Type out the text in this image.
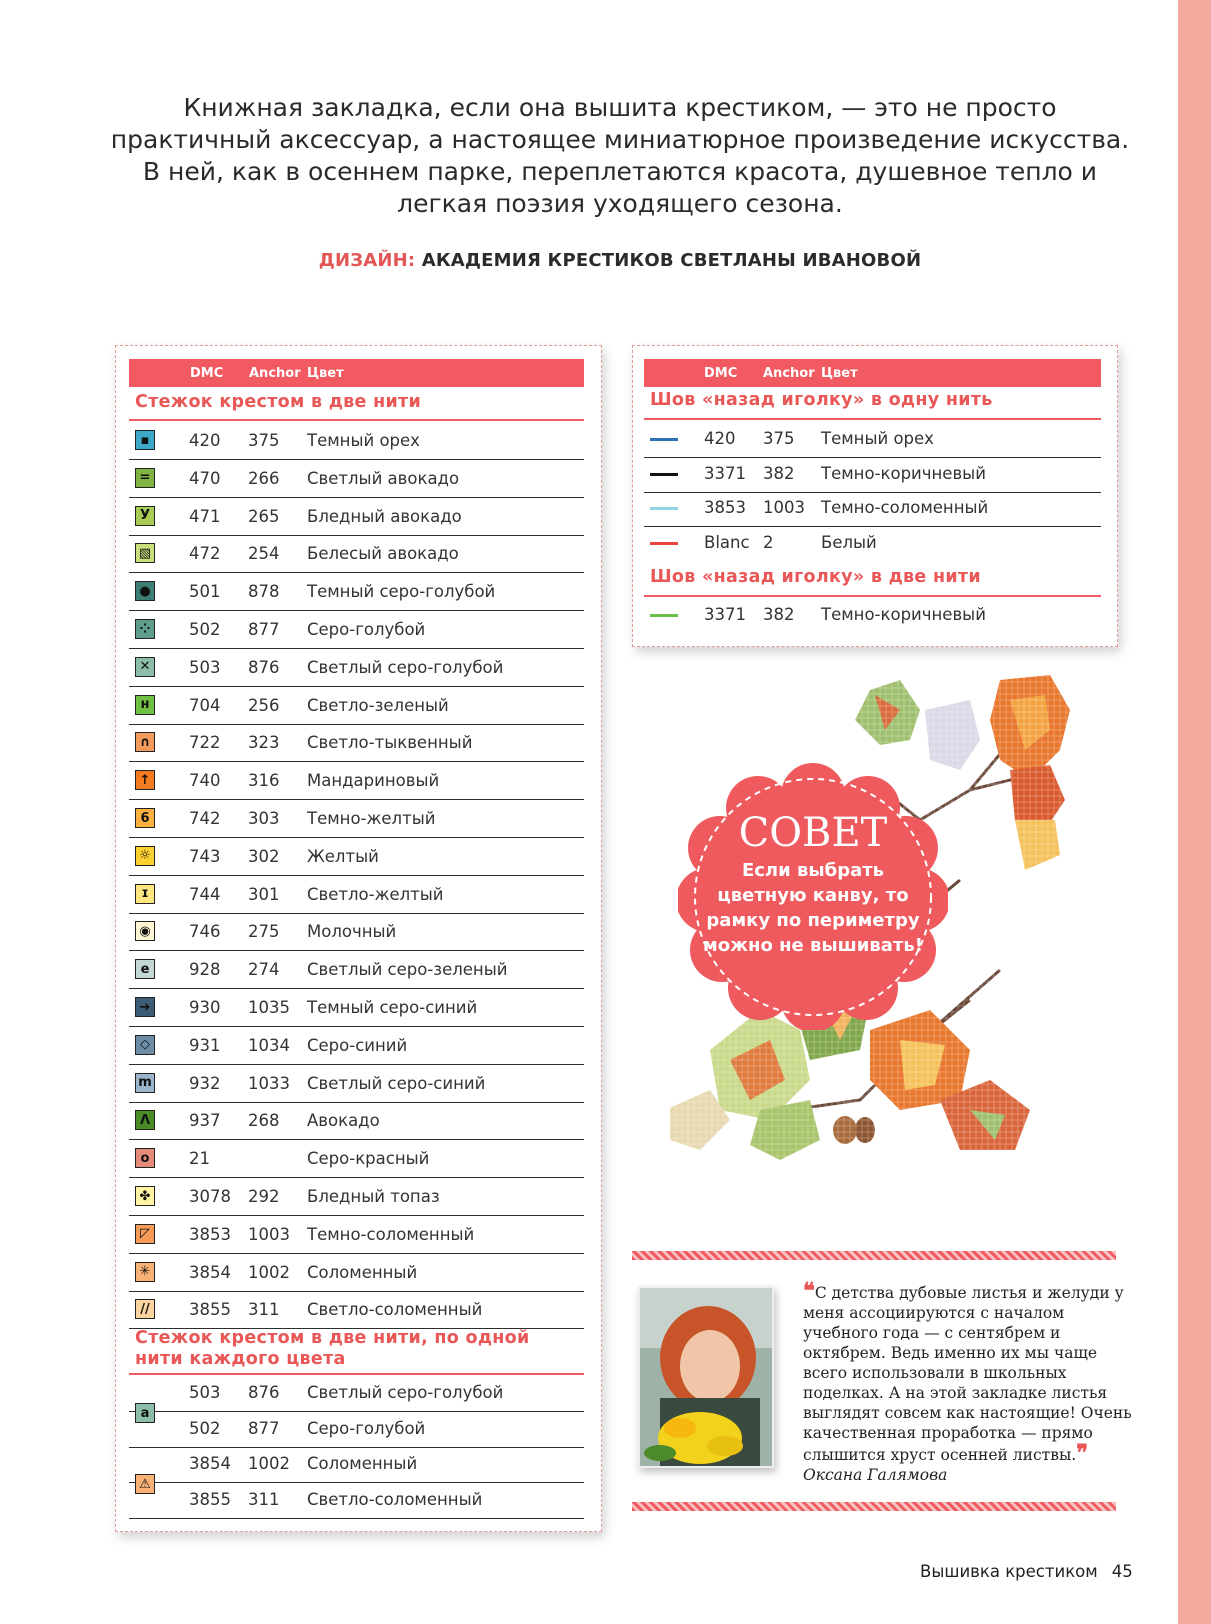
Книжная закладка, если она вышита крестиком, — это не просто практичный аксессуар, а настоящее миниатюрное произведение искусства. В ней, как в осеннем парке, переплетаются красота, душевное тепло и легкая поэзия уходящего сезона.
ДИЗАЙН: АКАДЕМИЯ КРЕСТИКОВ СВЕТЛАНЫ ИВАНОВОЙ
DMC Anchor Цвет
Стежок крестом в две нити
▪	420 375 Темный орех
= 470 266 Светлый авокадо
У	471 265 Бледный авокадо
▧ 472 254 Белесый авокадо
● 501 878 Темный серо-голубой
⁘ 502 877 Серо-голубой
✕ 503 876 Светлый серо-голубой
н	704 256 Светло-зеленый
∩ 722 323 Светло-тыквенный
↑ 740 316 Мандариновый
6	742 303 Темно-желтый
☼ 743 302 Желтый
ɪ	744 301 Светло-желтый
◉ 746 275 Молочный
e	928 274 Светлый серо-зеленый
➔ 930 1035 Темный серо-синий
◇	931 1034 Серо-синий
m 932 1033 Светлый серо-синий
Λ	937 268 Авокадо
o	21	Серо-красный
✤ 3078 292 Бледный топаз
◸	3853 1003 Темно-соломенный
✳ 3854 1002 Соломенный
//	3855 311 Светло-соломенный
Стежок крестом в две нити, по одной нити каждого цвета
503 876 Светлый серо-голубой
502 877 Серо-голубой
3854 1002 Соломенный
3855 311 Светло-соломенный
a
⚠
DMC Anchor Цвет
Шов «назад иголку» в одну нить
420 375 Темный орех
3371 382 Темно-коричневый
3853 1003 Темно-соломенный
Blanc 2	Белый
Шов «назад иголку» в две нити
3371 382 Темно-коричневый
СОВЕТ
Если выбрать цветную канву, то рамку по периметру можно не вышивать!
❝С детства дубовые листья и желуди у меня ассоциируются с началом учебного года — с сентябрем и октябрем. Ведь именно их мы чаще всего использовали в школьных поделках. А на этой закладке листья выглядят совсем как настоящие! Очень качественная проработка — прямо слышится хруст осенней листвы.❞
Оксана Галямова
Вышивка крестиком 45
